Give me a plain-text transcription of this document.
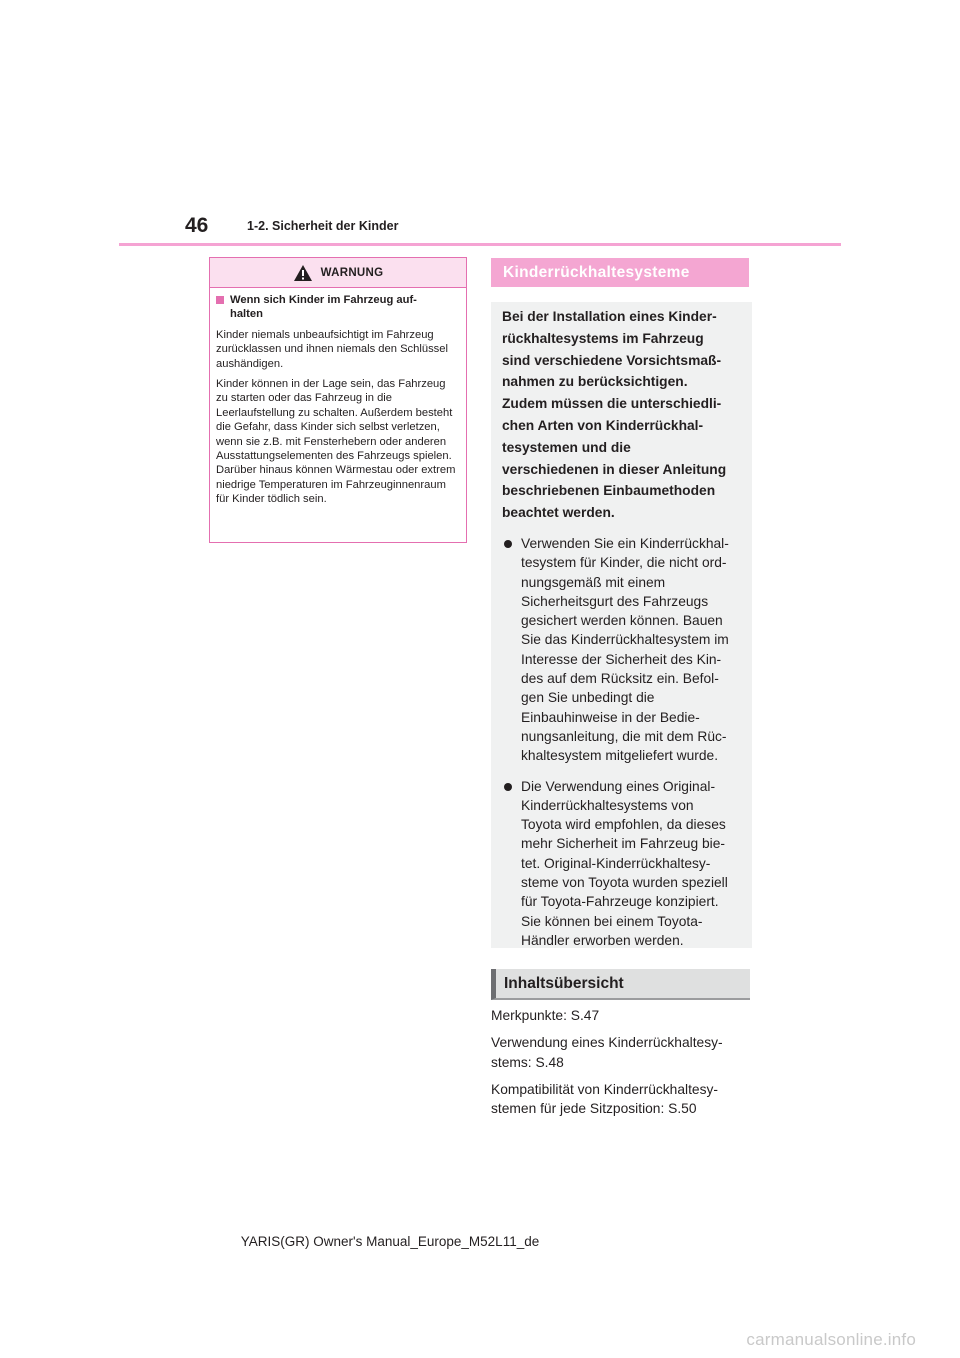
46	1-2. Sicherheit der Kinder
WARNUNG
Wenn sich Kinder im Fahrzeug auf-
halten

Kinder niemals unbeaufsichtigt im Fahrzeug zurücklassen und ihnen niemals den Schlüssel aushändigen.

Kinder können in der Lage sein, das Fahrzeug zu starten oder das Fahrzeug in die Leerlaufstellung zu schalten. Außerdem besteht die Gefahr, dass Kinder sich selbst verletzen, wenn sie z.B. mit Fensterhebern oder anderen Ausstattungselementen des Fahrzeugs spielen. Darüber hinaus können Wärmestau oder extrem niedrige Temperaturen im Fahrzeuginnenraum für Kinder tödlich sein.

Kinderrückhaltesysteme
Bei der Installation eines Kinder-
rückhaltesystems im Fahrzeug
sind verschiedene Vorsichtsmaß-
nahmen zu berücksichtigen.
Zudem müssen die unterschiedli-
chen Arten von Kinderrückhal-
tesystemen und die
verschiedenen in dieser Anleitung
beschriebenen Einbaumethoden
beachtet werden.
Verwenden Sie ein Kinderrückhal-
tesystem für Kinder, die nicht ord-
nungsgemäß mit einem
Sicherheitsgurt des Fahrzeugs
gesichert werden können. Bauen
Sie das Kinderrückhaltesystem im
Interesse der Sicherheit des Kin-
des auf dem Rücksitz ein. Befol-
gen Sie unbedingt die
Einbauhinweise in der Bedie-
nungsanleitung, die mit dem Rüc-
khaltesystem mitgeliefert wurde.
Die Verwendung eines Original-
Kinderrückhaltesystems von
Toyota wird empfohlen, da dieses
mehr Sicherheit im Fahrzeug bie-
tet. Original-Kinderrückhaltesy-
steme von Toyota wurden speziell
für Toyota-Fahrzeuge konzipiert.
Sie können bei einem Toyota-
Händler erworben werden.
Inhaltsübersicht

Merkpunkte: S.47

Verwendung eines Kinderrückhaltesy-
stems: S.48

Kompatibilität von Kinderrückhaltesy-
stemen für jede Sitzposition: S.50

YARIS(GR) Owner's Manual_Europe_M52L11_de
carmanualsonline.info
